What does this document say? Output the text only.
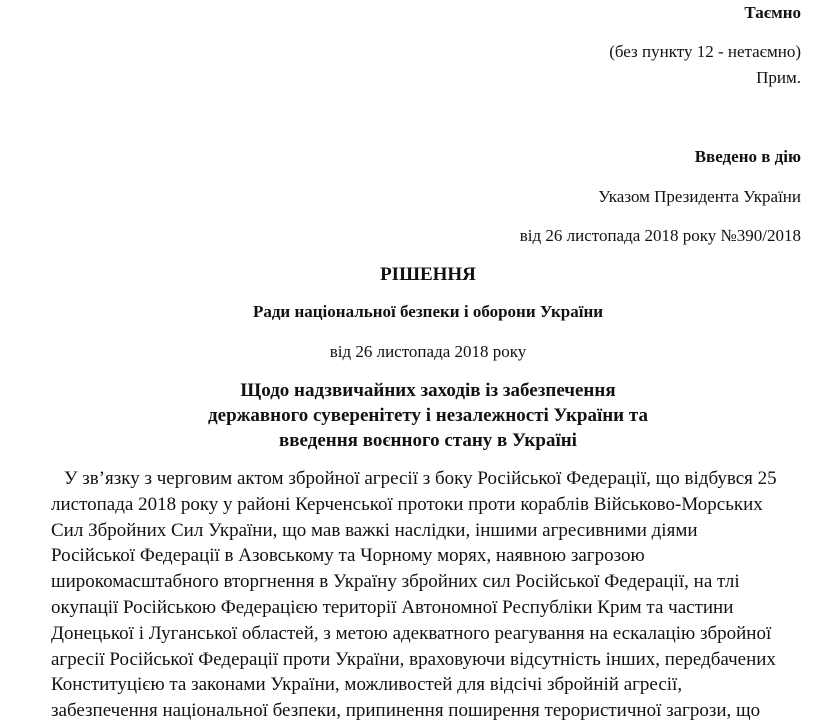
Таємно
(без пункту 12 - нетаємно)
Прим.
Введено в дію
Указом Президента України
від 26 листопада 2018 року №390/2018
РІШЕННЯ
Ради національної безпеки і оборони України
від 26 листопада 2018 року
Щодо надзвичайних заходів із забезпечення
державного суверенітету і незалежності України та
введення воєнного стану в Україні
У зв’язку з черговим актом збройної агресії з боку Російської Федерації, що відбувся 25
листопада 2018 року у районі Керченської протоки проти кораблів Військово-Морських
Сил Збройних Сил України, що мав важкі наслідки, іншими агресивними діями
Російської Федерації в Азовському та Чорному морях, наявною загрозою
широкомасштабного вторгнення в Україну збройних сил Російської Федерації, на тлі
окупації Російською Федерацією території Автономної Республіки Крим та частини
Донецької і Луганської областей, з метою адекватного реагування на ескалацію збройної
агресії Російської Федерації проти України, враховуючи відсутність інших, передбачених
Конституцією та законами України, можливостей для відсічі збройній агресії,
забезпечення національної безпеки, припинення поширення терористичної загрози, що
